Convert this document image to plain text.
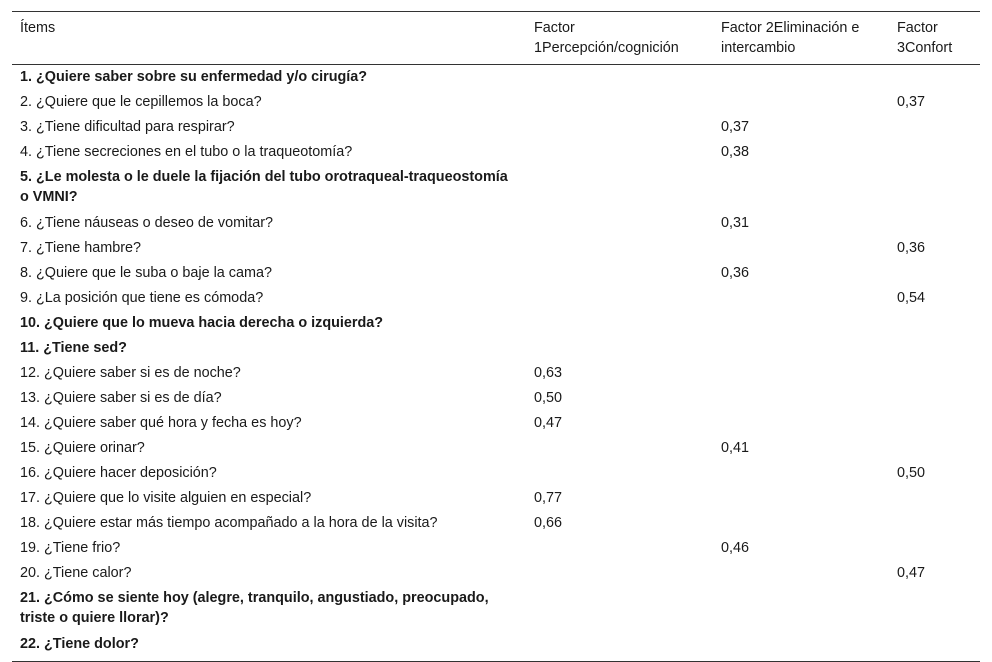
Ítems	Factor 1Percepción/cognición	Factor 2Eliminación e intercambio	Factor 3Confort
1. ¿Quiere saber sobre su enfermedad y/o cirugía?			
2. ¿Quiere que le cepillemos la boca?			0,37
3. ¿Tiene dificultad para respirar?		0,37	
4. ¿Tiene secreciones en el tubo o la traqueotomía?		0,38	
5. ¿Le molesta o le duele la fijación del tubo orotraqueal-traqueostomía o VMNI?			
6. ¿Tiene náuseas o deseo de vomitar?		0,31	
7. ¿Tiene hambre?			0,36
8. ¿Quiere que le suba o baje la cama?		0,36	
9. ¿La posición que tiene es cómoda?			0,54
10. ¿Quiere que lo mueva hacia derecha o izquierda?			
11. ¿Tiene sed?			
12. ¿Quiere saber si es de noche?	0,63		
13. ¿Quiere saber si es de día?	0,50		
14. ¿Quiere saber qué hora y fecha es hoy?	0,47		
15. ¿Quiere orinar?		0,41	
16. ¿Quiere hacer deposición?			0,50
17. ¿Quiere que lo visite alguien en especial?	0,77		
18. ¿Quiere estar más tiempo acompañado a la hora de la visita?	0,66		
19. ¿Tiene frio?		0,46	
20. ¿Tiene calor?			0,47
21. ¿Cómo se siente hoy (alegre, tranquilo, angustiado, preocupado, triste o quiere llorar)?			
22. ¿Tiene dolor?			
